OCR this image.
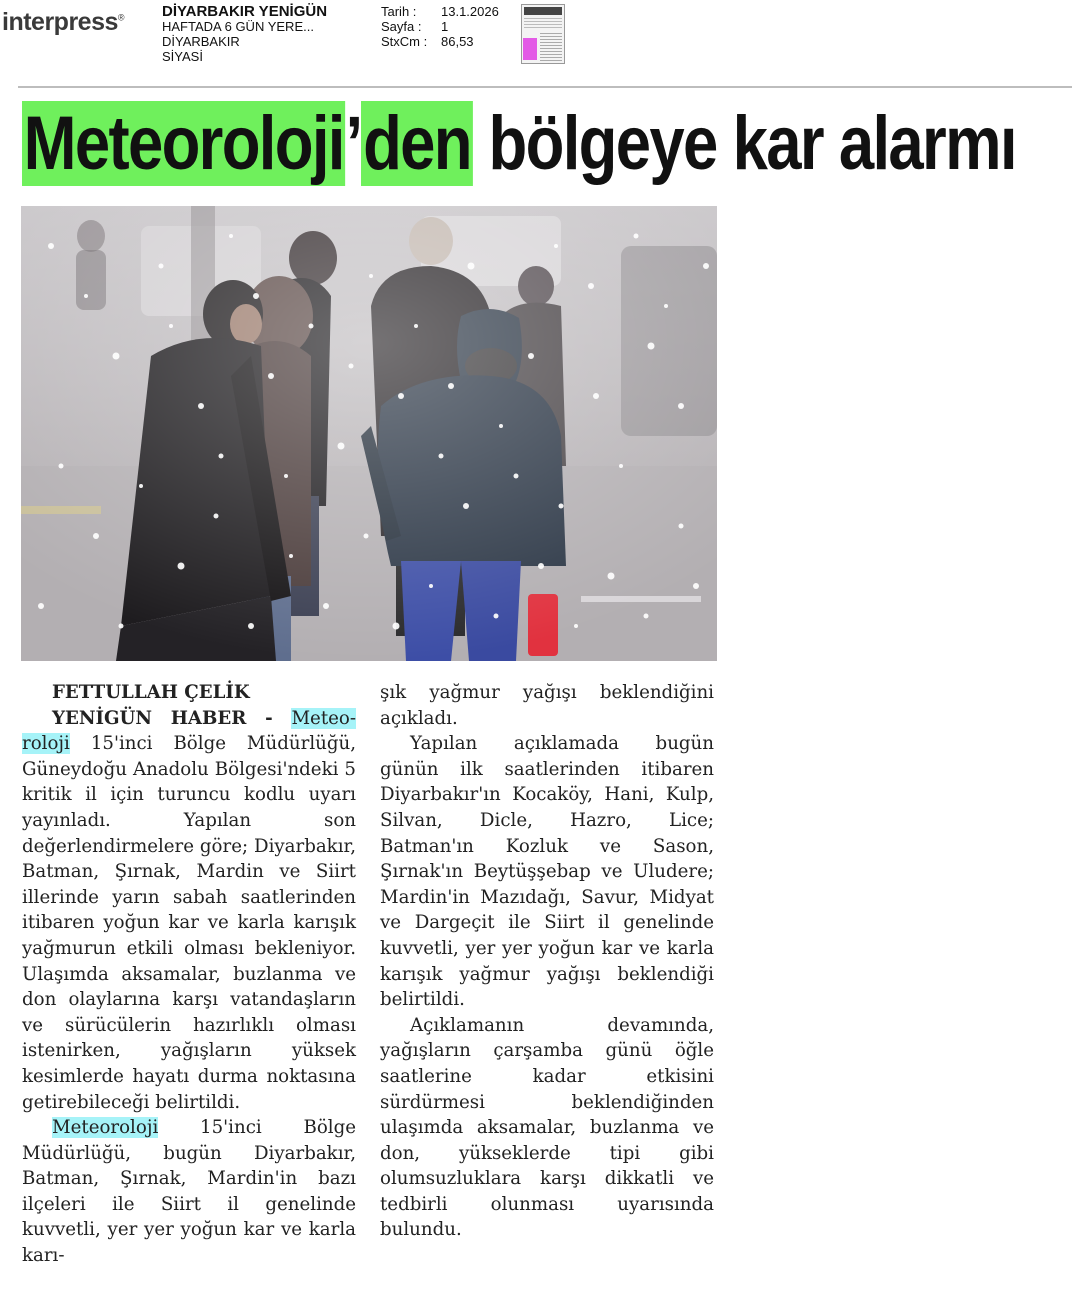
interpress®	DİYARBAKIR YENİGÜN
HAFTADA 6 GÜN YERE...
DİYARBAKIR
SİYASİ
Tarih :	13.1.2026
Sayfa :	1
StxCm :	86,53
Meteoroloji’den bölgeye kar alarmı

FETTULLAH ÇELİK
YENİGÜN HABER - Meteo-roloji 15'inci Bölge Müdürlüğü, Güneydoğu Anadolu Bölgesi'ndeki 5 kritik il için turuncu kodlu uyarı yayınladı. Yapılan son değerlendirmelere göre; Diyarbakır, Batman, Şırnak, Mardin ve Siirt illerinde yarın sabah saatlerinden itibaren yoğun kar ve karla karışık yağmurun etkili olması bekleniyor. Ulaşımda aksamalar, buzlanma ve don olaylarına karşı vatandaşların ve sürücülerin hazırlıklı olması istenirken, yağışların yüksek kesimlerde hayatı durma noktasına getirebileceği belirtildi.

Meteoroloji 15'inci Bölge Müdürlüğü, bugün Diyarbakır, Batman, Şırnak, Mardin'in bazı ilçeleri ile Siirt il genelinde kuvvetli, yer yer yoğun kar ve karla karı-

şık yağmur yağışı beklendiğini açıkladı.

Yapılan açıklamada bugün günün ilk saatlerinden itibaren Diyarbakır'ın Kocaköy, Hani, Kulp, Silvan, Dicle, Hazro, Lice; Batman'ın Kozluk ve Sason, Şırnak'ın Beytüşşebap ve Uludere; Mardin'in Mazıdağı, Savur, Midyat ve Dargeçit ile Siirt il genelinde kuvvetli, yer yer yoğun kar ve karla karışık yağmur yağışı beklendiği belirtildi.

Açıklamanın devamında, yağışların çarşamba günü öğle saatlerine kadar etkisini sürdürmesi beklendiğinden ulaşımda aksamalar, buzlanma ve don, yükseklerde tipi gibi olumsuzluklara karşı dikkatli ve tedbirli olunması uyarısında bulundu.
